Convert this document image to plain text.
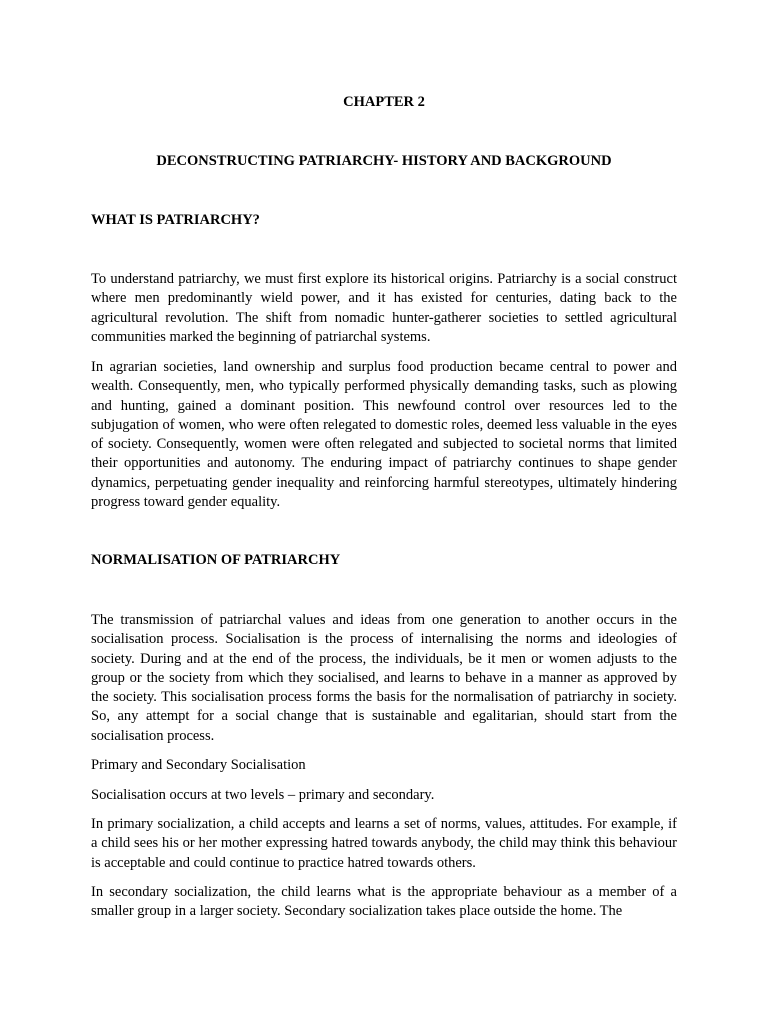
CHAPTER 2
DECONSTRUCTING PATRIARCHY- HISTORY AND BACKGROUND
WHAT IS PATRIARCHY?

To understand patriarchy, we must first explore its historical origins. Patriarchy is a social construct where men predominantly wield power, and it has existed for centuries, dating back to the agricultural revolution. The shift from nomadic hunter-gatherer societies to settled agricultural communities marked the beginning of patriarchal systems.

In agrarian societies, land ownership and surplus food production became central to power and wealth. Consequently, men, who typically performed physically demanding tasks, such as plowing and hunting, gained a dominant position. This newfound control over resources led to the subjugation of women, who were often relegated to domestic roles, deemed less valuable in the eyes of society. Consequently, women were often relegated and subjected to societal norms that limited their opportunities and autonomy. The enduring impact of patriarchy continues to shape gender dynamics, perpetuating gender inequality and reinforcing harmful stereotypes, ultimately hindering progress toward gender equality.

NORMALISATION OF PATRIARCHY

The transmission of patriarchal values and ideas from one generation to another occurs in the socialisation process. Socialisation is the process of internalising the norms and ideologies of society. During and at the end of the process, the individuals, be it men or women adjusts to the group or the society from which they socialised, and learns to behave in a manner as approved by the society. This socialisation process forms the basis for the normalisation of patriarchy in society. So, any attempt for a social change that is sustainable and egalitarian, should start from the socialisation process.

Primary and Secondary Socialisation

Socialisation occurs at two levels – primary and secondary.

In primary socialization, a child accepts and learns a set of norms, values, attitudes. For example, if a child sees his or her mother expressing hatred towards anybody, the child may think this behaviour is acceptable and could continue to practice hatred towards others.

In secondary socialization, the child learns what is the appropriate behaviour as a member of a smaller group in a larger society. Secondary socialization takes place outside the home. The
